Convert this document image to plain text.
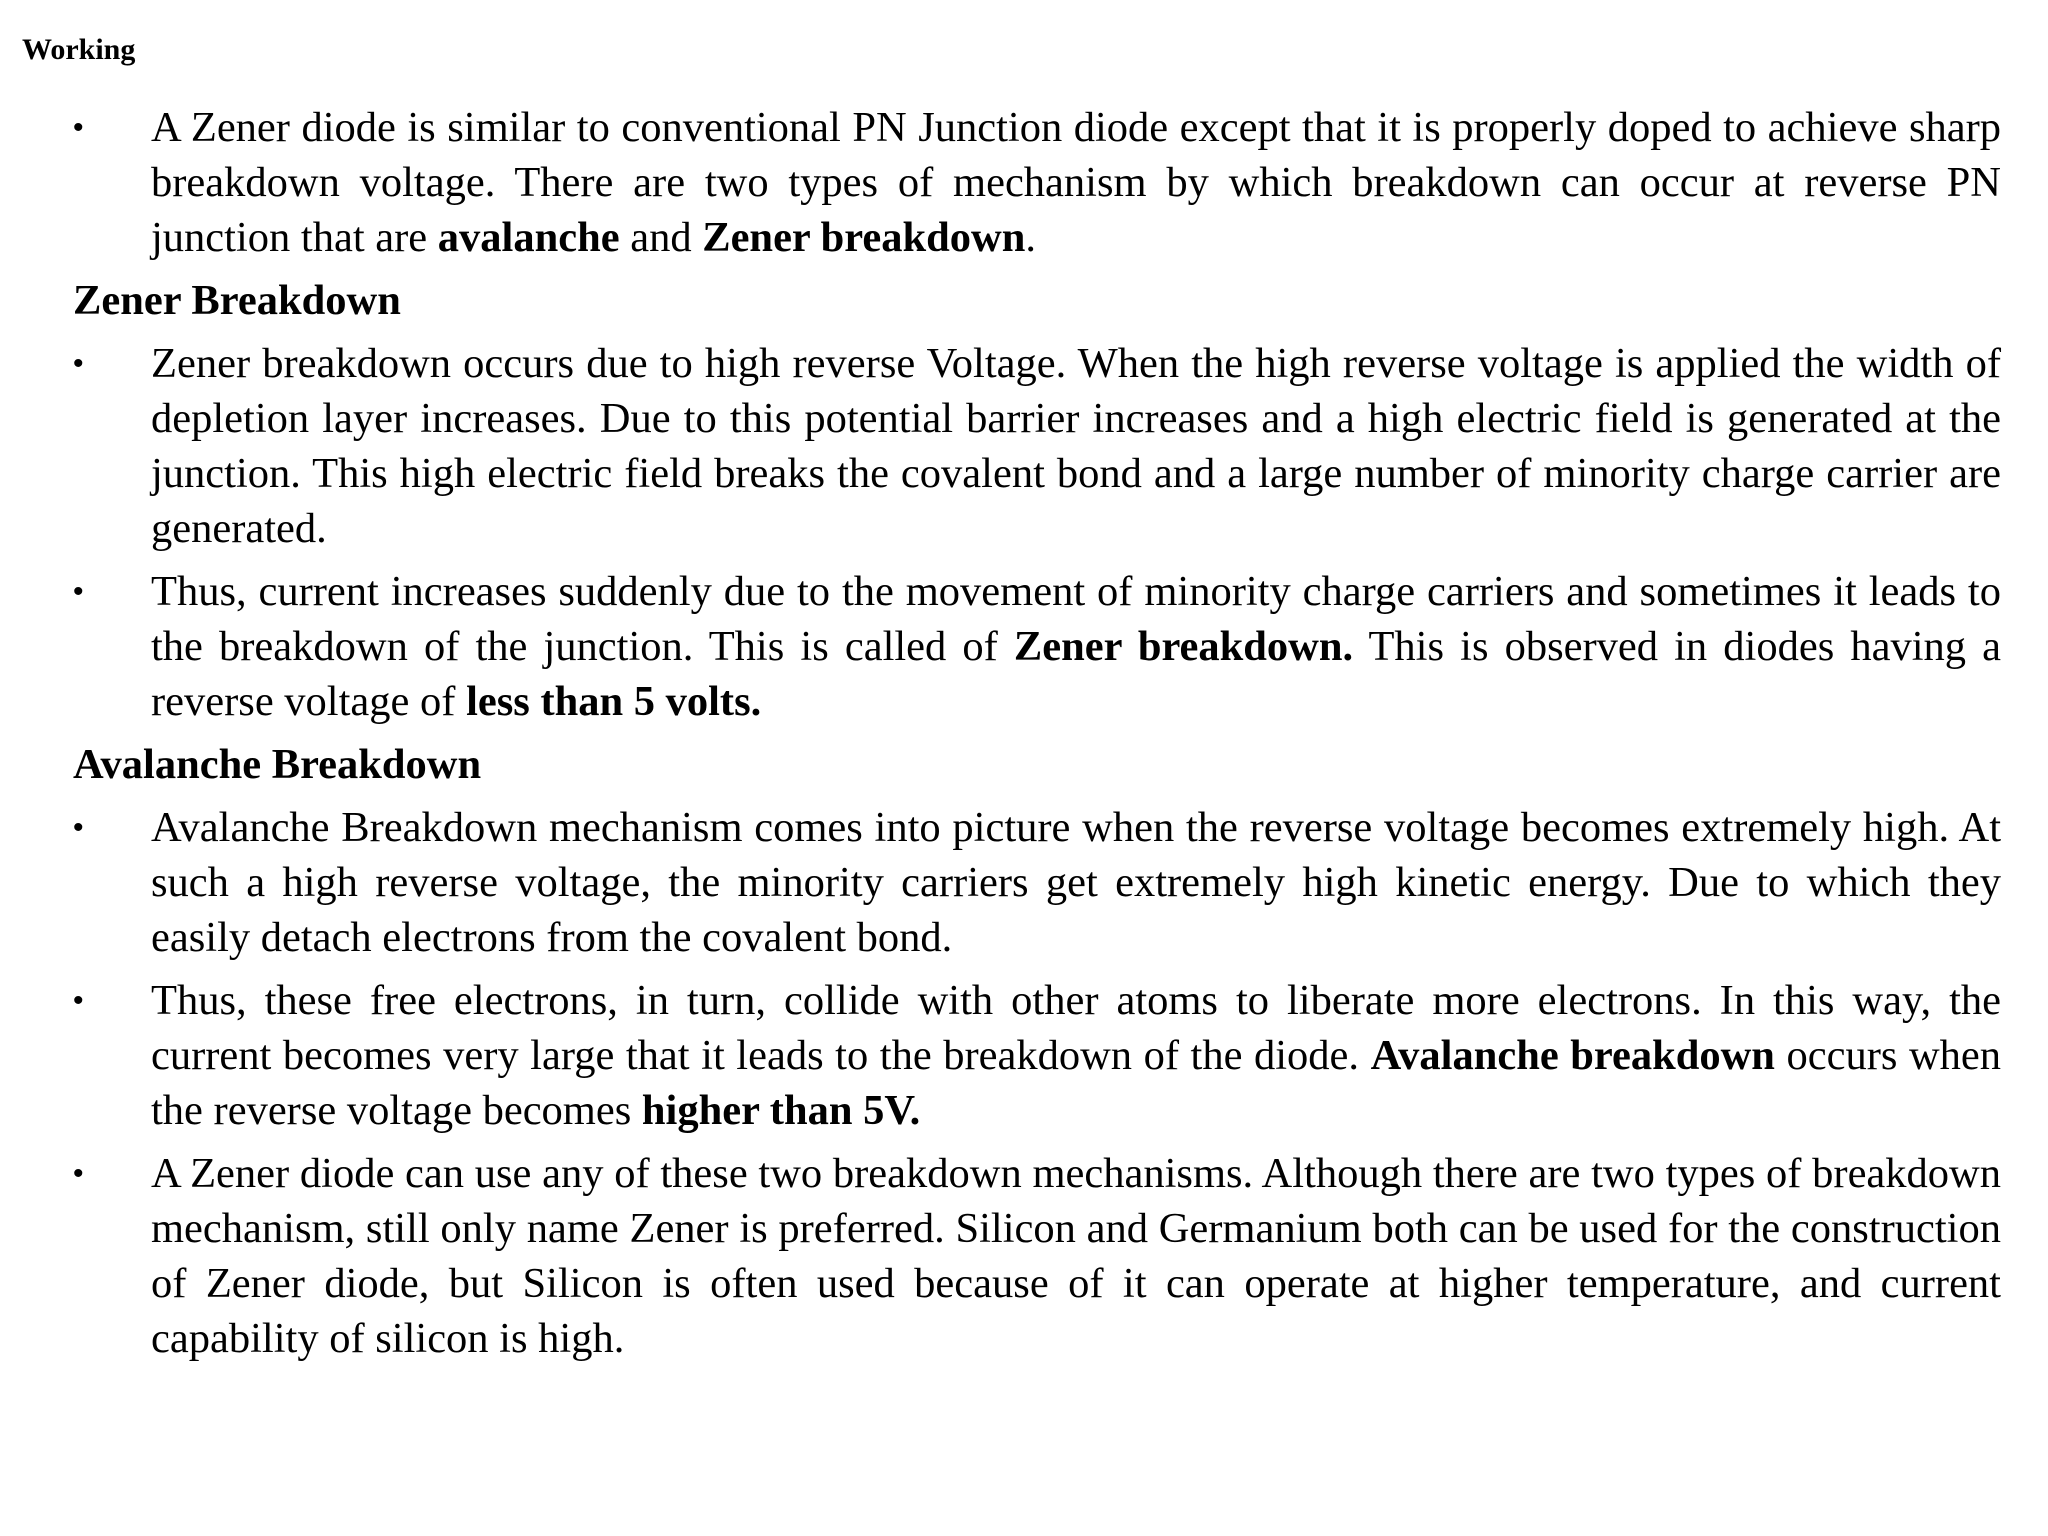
Working
• A Zener diode is similar to conventional PN Junction diode except that it is properly doped to achieve sharp breakdown voltage. There are two types of mechanism by which breakdown can occur at reverse PN junction that are avalanche and Zener breakdown.
Zener Breakdown
• Zener breakdown occurs due to high reverse Voltage. When the high reverse voltage is applied the width of depletion layer increases. Due to this potential barrier increases and a high electric field is generated at the junction. This high electric field breaks the covalent bond and a large number of minority charge carrier are generated.
• Thus, current increases suddenly due to the movement of minority charge carriers and sometimes it leads to the breakdown of the junction. This is called of Zener breakdown. This is observed in diodes having a reverse voltage of less than 5 volts.
Avalanche Breakdown
• Avalanche Breakdown mechanism comes into picture when the reverse voltage becomes extremely high. At such a high reverse voltage, the minority carriers get extremely high kinetic energy. Due to which they easily detach electrons from the covalent bond.
• Thus, these free electrons, in turn, collide with other atoms to liberate more electrons. In this way, the current becomes very large that it leads to the breakdown of the diode. Avalanche breakdown occurs when the reverse voltage becomes higher than 5V.
• A Zener diode can use any of these two breakdown mechanisms. Although there are two types of breakdown mechanism, still only name Zener is preferred. Silicon and Germanium both can be used for the construction of Zener diode, but Silicon is often used because of it can operate at higher temperature, and current capability of silicon is high.
